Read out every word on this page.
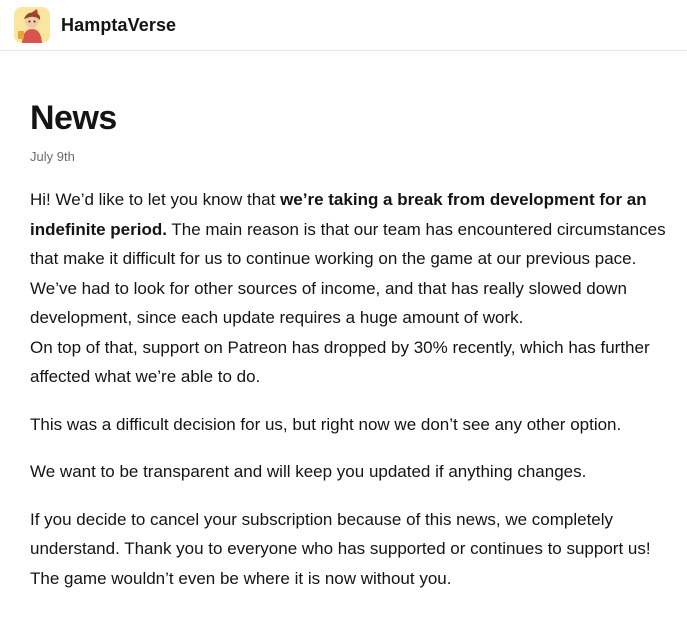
HamptaVerse
News
July 9th

Hi! We’d like to let you know that we’re taking a break from development for an indefinite period. The main reason is that our team has encountered circumstances that make it difficult for us to continue working on the game at our previous pace. We’ve had to look for other sources of income, and that has really slowed down development, since each update requires a huge amount of work.

On top of that, support on Patreon has dropped by 30% recently, which has further affected what we’re able to do.

This was a difficult decision for us, but right now we don’t see any other option.

We want to be transparent and will keep you updated if anything changes.

If you decide to cancel your subscription because of this news, we completely understand. Thank you to everyone who has supported or continues to support us! The game wouldn’t even be where it is now without you.
